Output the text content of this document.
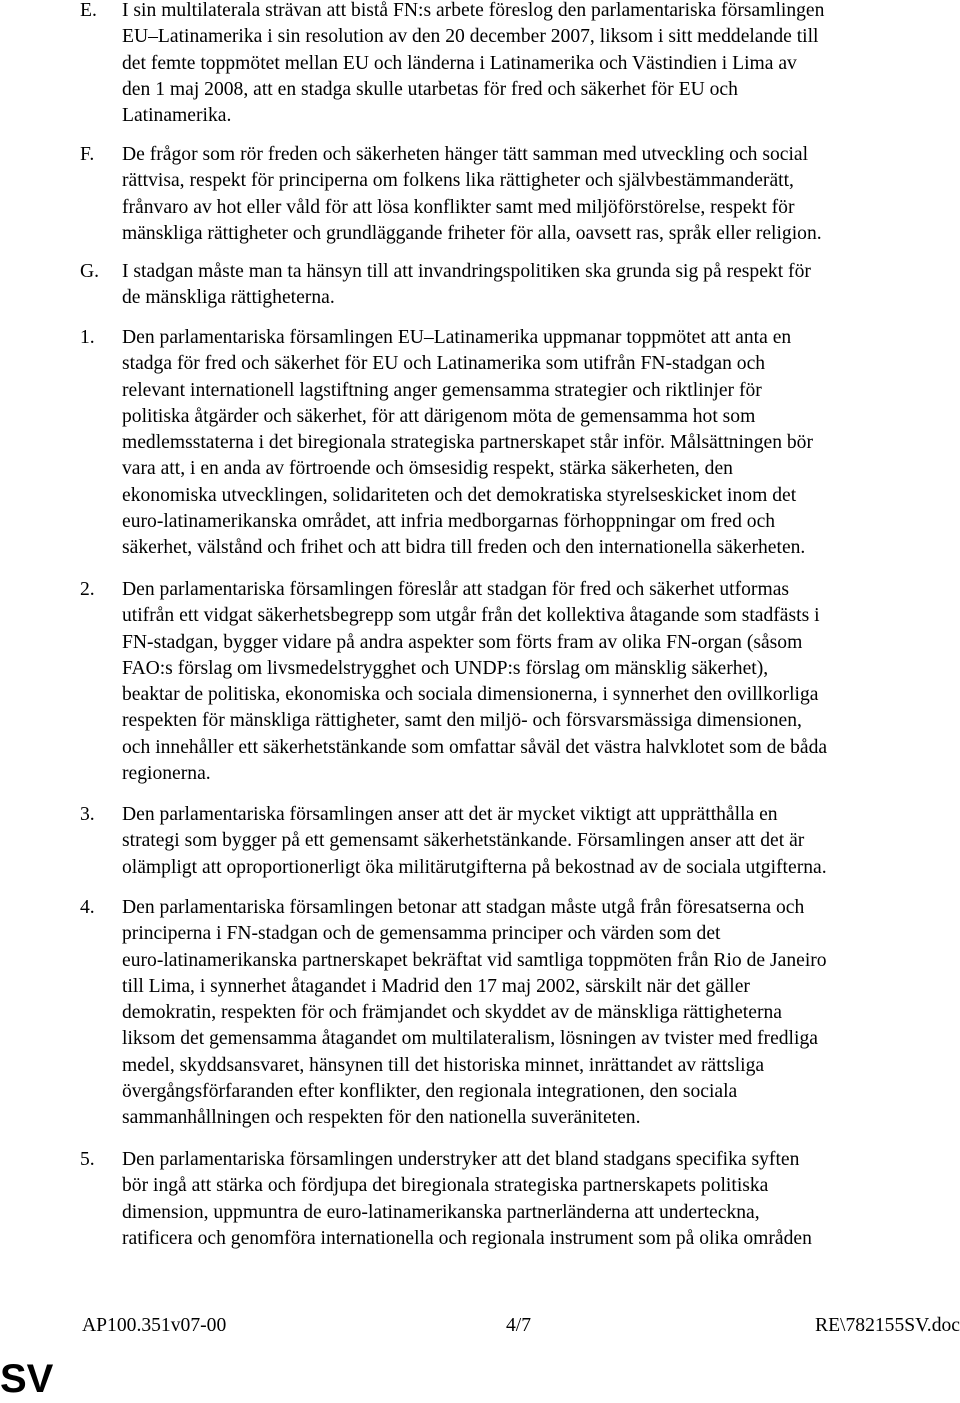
E.	I sin multilaterala strävan att bistå FN:s arbete föreslog den parlamentariska församlingen
EU–Latinamerika i sin resolution av den 20 december 2007, liksom i sitt meddelande till
det femte toppmötet mellan EU och länderna i Latinamerika och Västindien i Lima av
den 1 maj 2008, att en stadga skulle utarbetas för fred och säkerhet för EU och
Latinamerika.
F.	De frågor som rör freden och säkerheten hänger tätt samman med utveckling och social
rättvisa, respekt för principerna om folkens lika rättigheter och självbestämmanderätt,
frånvaro av hot eller våld för att lösa konflikter samt med miljöförstörelse, respekt för
mänskliga rättigheter och grundläggande friheter för alla, oavsett ras, språk eller religion.
G.	I stadgan måste man ta hänsyn till att invandringspolitiken ska grunda sig på respekt för
de mänskliga rättigheterna.
1.	Den parlamentariska församlingen EU–Latinamerika uppmanar toppmötet att anta en
stadga för fred och säkerhet för EU och Latinamerika som utifrån FN-stadgan och
relevant internationell lagstiftning anger gemensamma strategier och riktlinjer för
politiska åtgärder och säkerhet, för att därigenom möta de gemensamma hot som
medlemsstaterna i det biregionala strategiska partnerskapet står inför. Målsättningen bör
vara att, i en anda av förtroende och ömsesidig respekt, stärka säkerheten, den
ekonomiska utvecklingen, solidariteten och det demokratiska styrelseskicket inom det
euro-latinamerikanska området, att infria medborgarnas förhoppningar om fred och
säkerhet, välstånd och frihet och att bidra till freden och den internationella säkerheten.
2.	Den parlamentariska församlingen föreslår att stadgan för fred och säkerhet utformas
utifrån ett vidgat säkerhetsbegrepp som utgår från det kollektiva åtagande som stadfästs i
FN-stadgan, bygger vidare på andra aspekter som förts fram av olika FN-organ (såsom
FAO:s förslag om livsmedelstrygghet och UNDP:s förslag om mänsklig säkerhet),
beaktar de politiska, ekonomiska och sociala dimensionerna, i synnerhet den ovillkorliga
respekten för mänskliga rättigheter, samt den miljö- och försvarsmässiga dimensionen,
och innehåller ett säkerhetstänkande som omfattar såväl det västra halvklotet som de båda
regionerna.
3.	Den parlamentariska församlingen anser att det är mycket viktigt att upprätthålla en
strategi som bygger på ett gemensamt säkerhetstänkande. Församlingen anser att det är
olämpligt att oproportionerligt öka militärutgifterna på bekostnad av de sociala utgifterna.
4.	Den parlamentariska församlingen betonar att stadgan måste utgå från föresatserna och
principerna i FN-stadgan och de gemensamma principer och värden som det
euro-latinamerikanska partnerskapet bekräftat vid samtliga toppmöten från Rio de Janeiro
till Lima, i synnerhet åtagandet i Madrid den 17 maj 2002, särskilt när det gäller
demokratin, respekten för och främjandet och skyddet av de mänskliga rättigheterna
liksom det gemensamma åtagandet om multilateralism, lösningen av tvister med fredliga
medel, skyddsansvaret, hänsynen till det historiska minnet, inrättandet av rättsliga
övergångsförfaranden efter konflikter, den regionala integrationen, den sociala
sammanhållningen och respekten för den nationella suveräniteten.
5.	Den parlamentariska församlingen understryker att det bland stadgans specifika syften
bör ingå att stärka och fördjupa det biregionala strategiska partnerskapets politiska
dimension, uppmuntra de euro-latinamerikanska partnerländerna att underteckna,
ratificera och genomföra internationella och regionala instrument som på olika områden
AP100.351v07-00	4/7	RE\782155SV.doc
SV
